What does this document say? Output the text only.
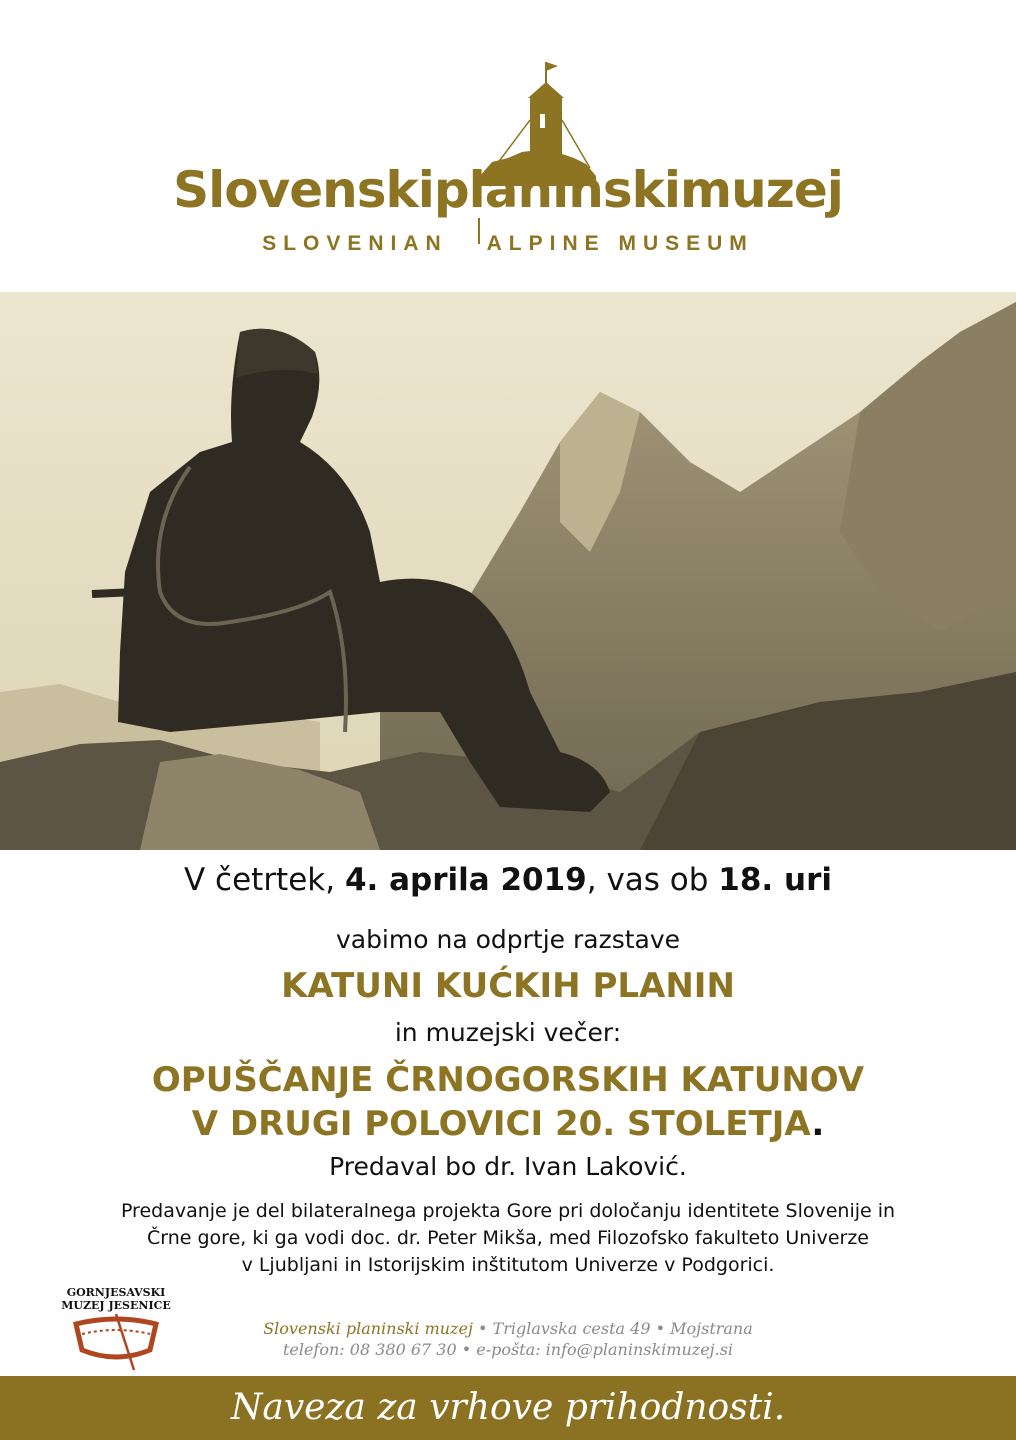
Slovenskiplaninskimuzej
SLOVENIAN ALPINE MUSEUM
V četrtek, 4. aprila 2019, vas ob 18. uri
vabimo na odprtje razstave
KATUNI KUĆKIH PLANIN
in muzejski večer:
OPUŠČANJE ČRNOGORSKIH KATUNOV
V DRUGI POLOVICI 20. STOLETJA.
Predaval bo dr. Ivan Laković.
Predavanje je del bilateralnega projekta Gore pri določanju identitete Slovenije in
Črne gore, ki ga vodi doc. dr. Peter Mikša, med Filozofsko fakulteto Univerze
v Ljubljani in Istorijskim inštitutom Univerze v Podgorici.
GORNJESAVSKI
MUZEJ JESENICE
Slovenski planinski muzej • Triglavska cesta 49 • Mojstrana
telefon: 08 380 67 30 • e-pošta: info@planinskimuzej.si
Naveza za vrhove prihodnosti.
